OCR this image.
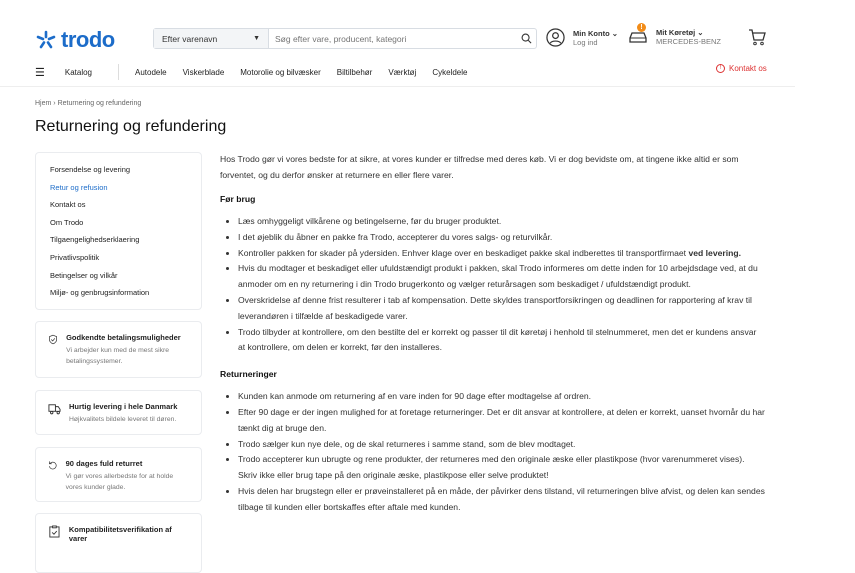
trodo	Efter varenavn	▼
Søg efter vare, producent, kategori
Min Konto ⌄
Log ind
!
Mit Køretøj ⌄
MERCEDES-BENZ
☰	Katalog	Autodele Viskerblade Motorolie og bilvæsker Biltilbehør Værktøj Cykeldele	! Kontakt os
Hjem › Returnering og refundering
Returnering og refundering
Forsendelse og levering
Retur og refusion
Kontakt os
Om Trodo
Tilgaengelighedserklaering
Privatlivspolitik
Betingelser og vilkår
Miljø- og genbrugsinformation
Godkendte betalingsmuligheder
Vi arbejder kun med de mest sikre betalingssystemer.
Hurtig levering i hele Danmark
Højkvalitets bildele leveret til døren.
90 dages fuld returret
Vi gør vores allerbedste for at holde vores kunder glade.
Kompatibilitetsverifikation af varer

Hos Trodo gør vi vores bedste for at sikre, at vores kunder er tilfredse med deres køb. Vi er dog bevidste om, at tingene ikke altid er som forventet, og du derfor ønsker at returnere en eller flere varer.

Før brug
• Læs omhyggeligt vilkårene og betingelserne, før du bruger produktet.
• I det øjeblik du åbner en pakke fra Trodo, accepterer du vores salgs- og returvilkår.
• Kontroller pakken for skader på ydersiden. Enhver klage over en beskadiget pakke skal indberettes til transportfirmaet ved levering.
• Hvis du modtager et beskadiget eller ufuldstændigt produkt i pakken, skal Trodo informeres om dette inden for 10 arbejdsdage ved, at du anmoder om en ny returnering i din Trodo brugerkonto og vælger returårsagen som beskadiget / ufuldstændigt produkt.
• Overskridelse af denne frist resulterer i tab af kompensation. Dette skyldes transportforsikringen og deadlinen for rapportering af krav til leverandøren i tilfælde af beskadigede varer.
• Trodo tilbyder at kontrollere, om den bestilte del er korrekt og passer til dit køretøj i henhold til stelnummeret, men det er kundens ansvar at kontrollere, om delen er korrekt, før den installeres.
Returneringer
• Kunden kan anmode om returnering af en vare inden for 90 dage efter modtagelse af ordren.
• Efter 90 dage er der ingen mulighed for at foretage returneringer. Det er dit ansvar at kontrollere, at delen er korrekt, uanset hvornår du har tænkt dig at bruge den.
• Trodo sælger kun nye dele, og de skal returneres i samme stand, som de blev modtaget.
• Trodo accepterer kun ubrugte og rene produkter, der returneres med den originale æske eller plastikpose (hvor varenummeret vises). Skriv ikke eller brug tape på den originale æske, plastikpose eller selve produktet!
• Hvis delen har brugstegn eller er prøveinstalleret på en måde, der påvirker dens tilstand, vil returneringen blive afvist, og delen kan sendes tilbage til kunden eller bortskaffes efter aftale med kunden.
